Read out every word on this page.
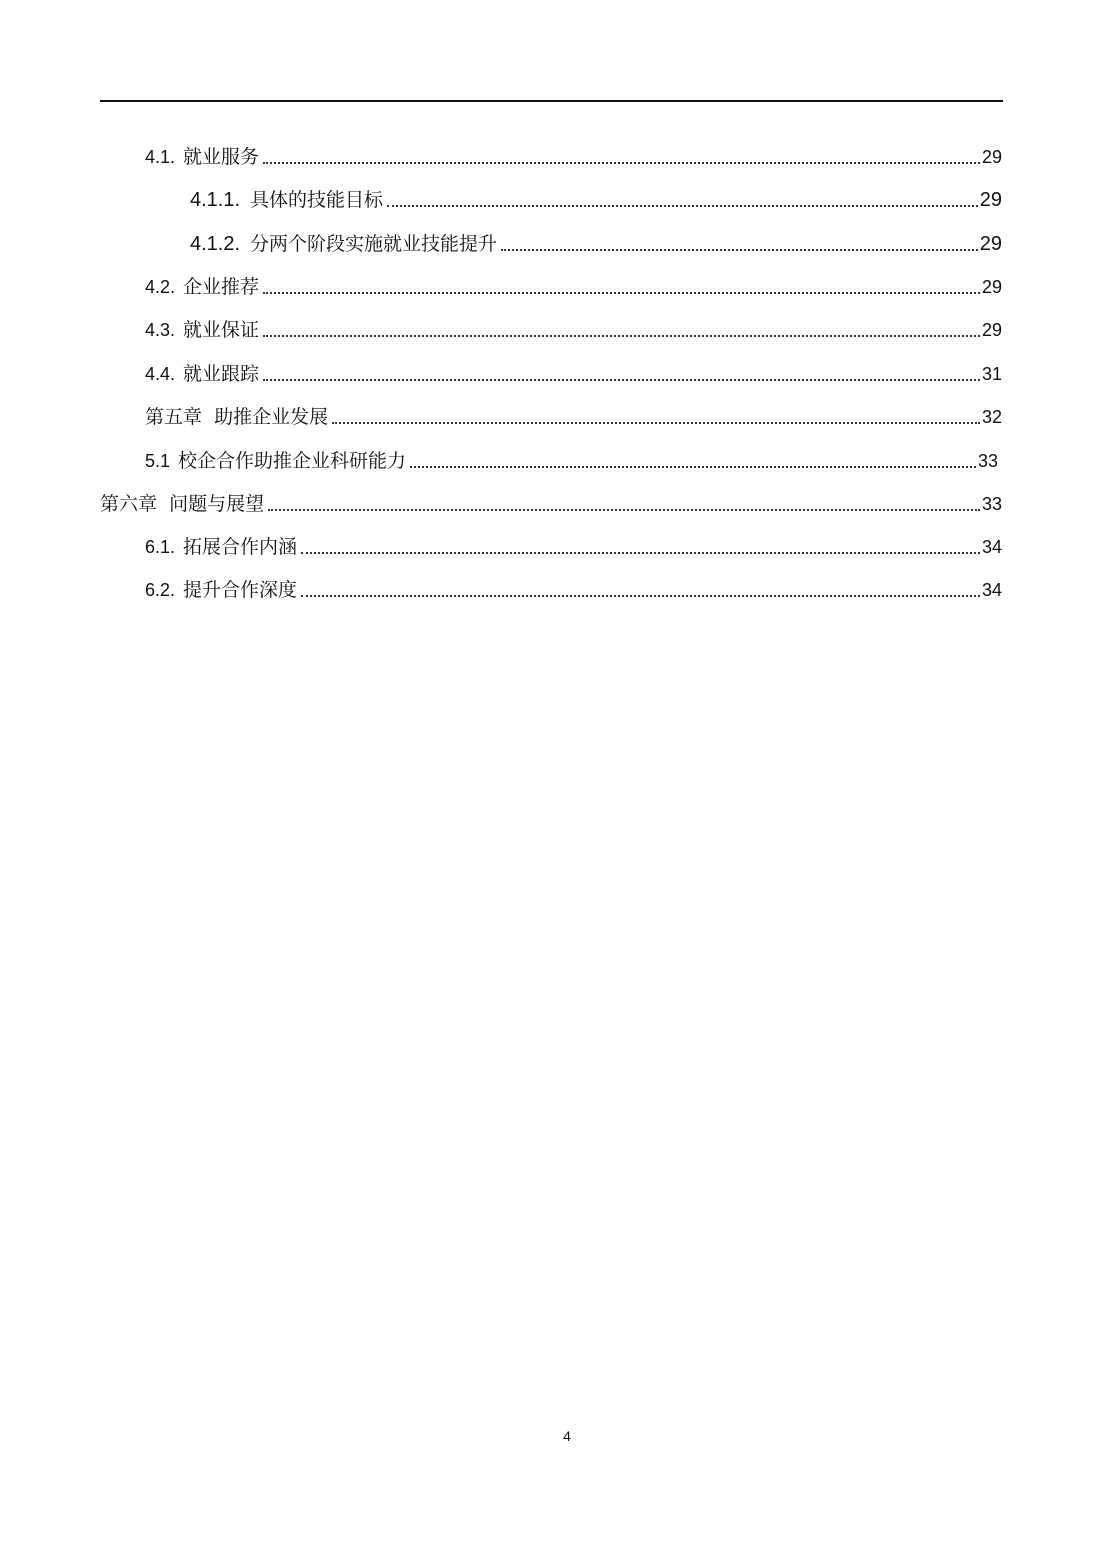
4.1. 就业服务	29
4.1.1. 具体的技能目标	29
4.1.2. 分两个阶段实施就业技能提升	29
4.2. 企业推荐	29
4.3. 就业保证	29
4.4. 就业跟踪	31
第五章  助推企业发展	32
5.1 校企合作助推企业科研能力	33
第六章  问题与展望	33
6.1. 拓展合作内涵	34
6.2. 提升合作深度	34
4
